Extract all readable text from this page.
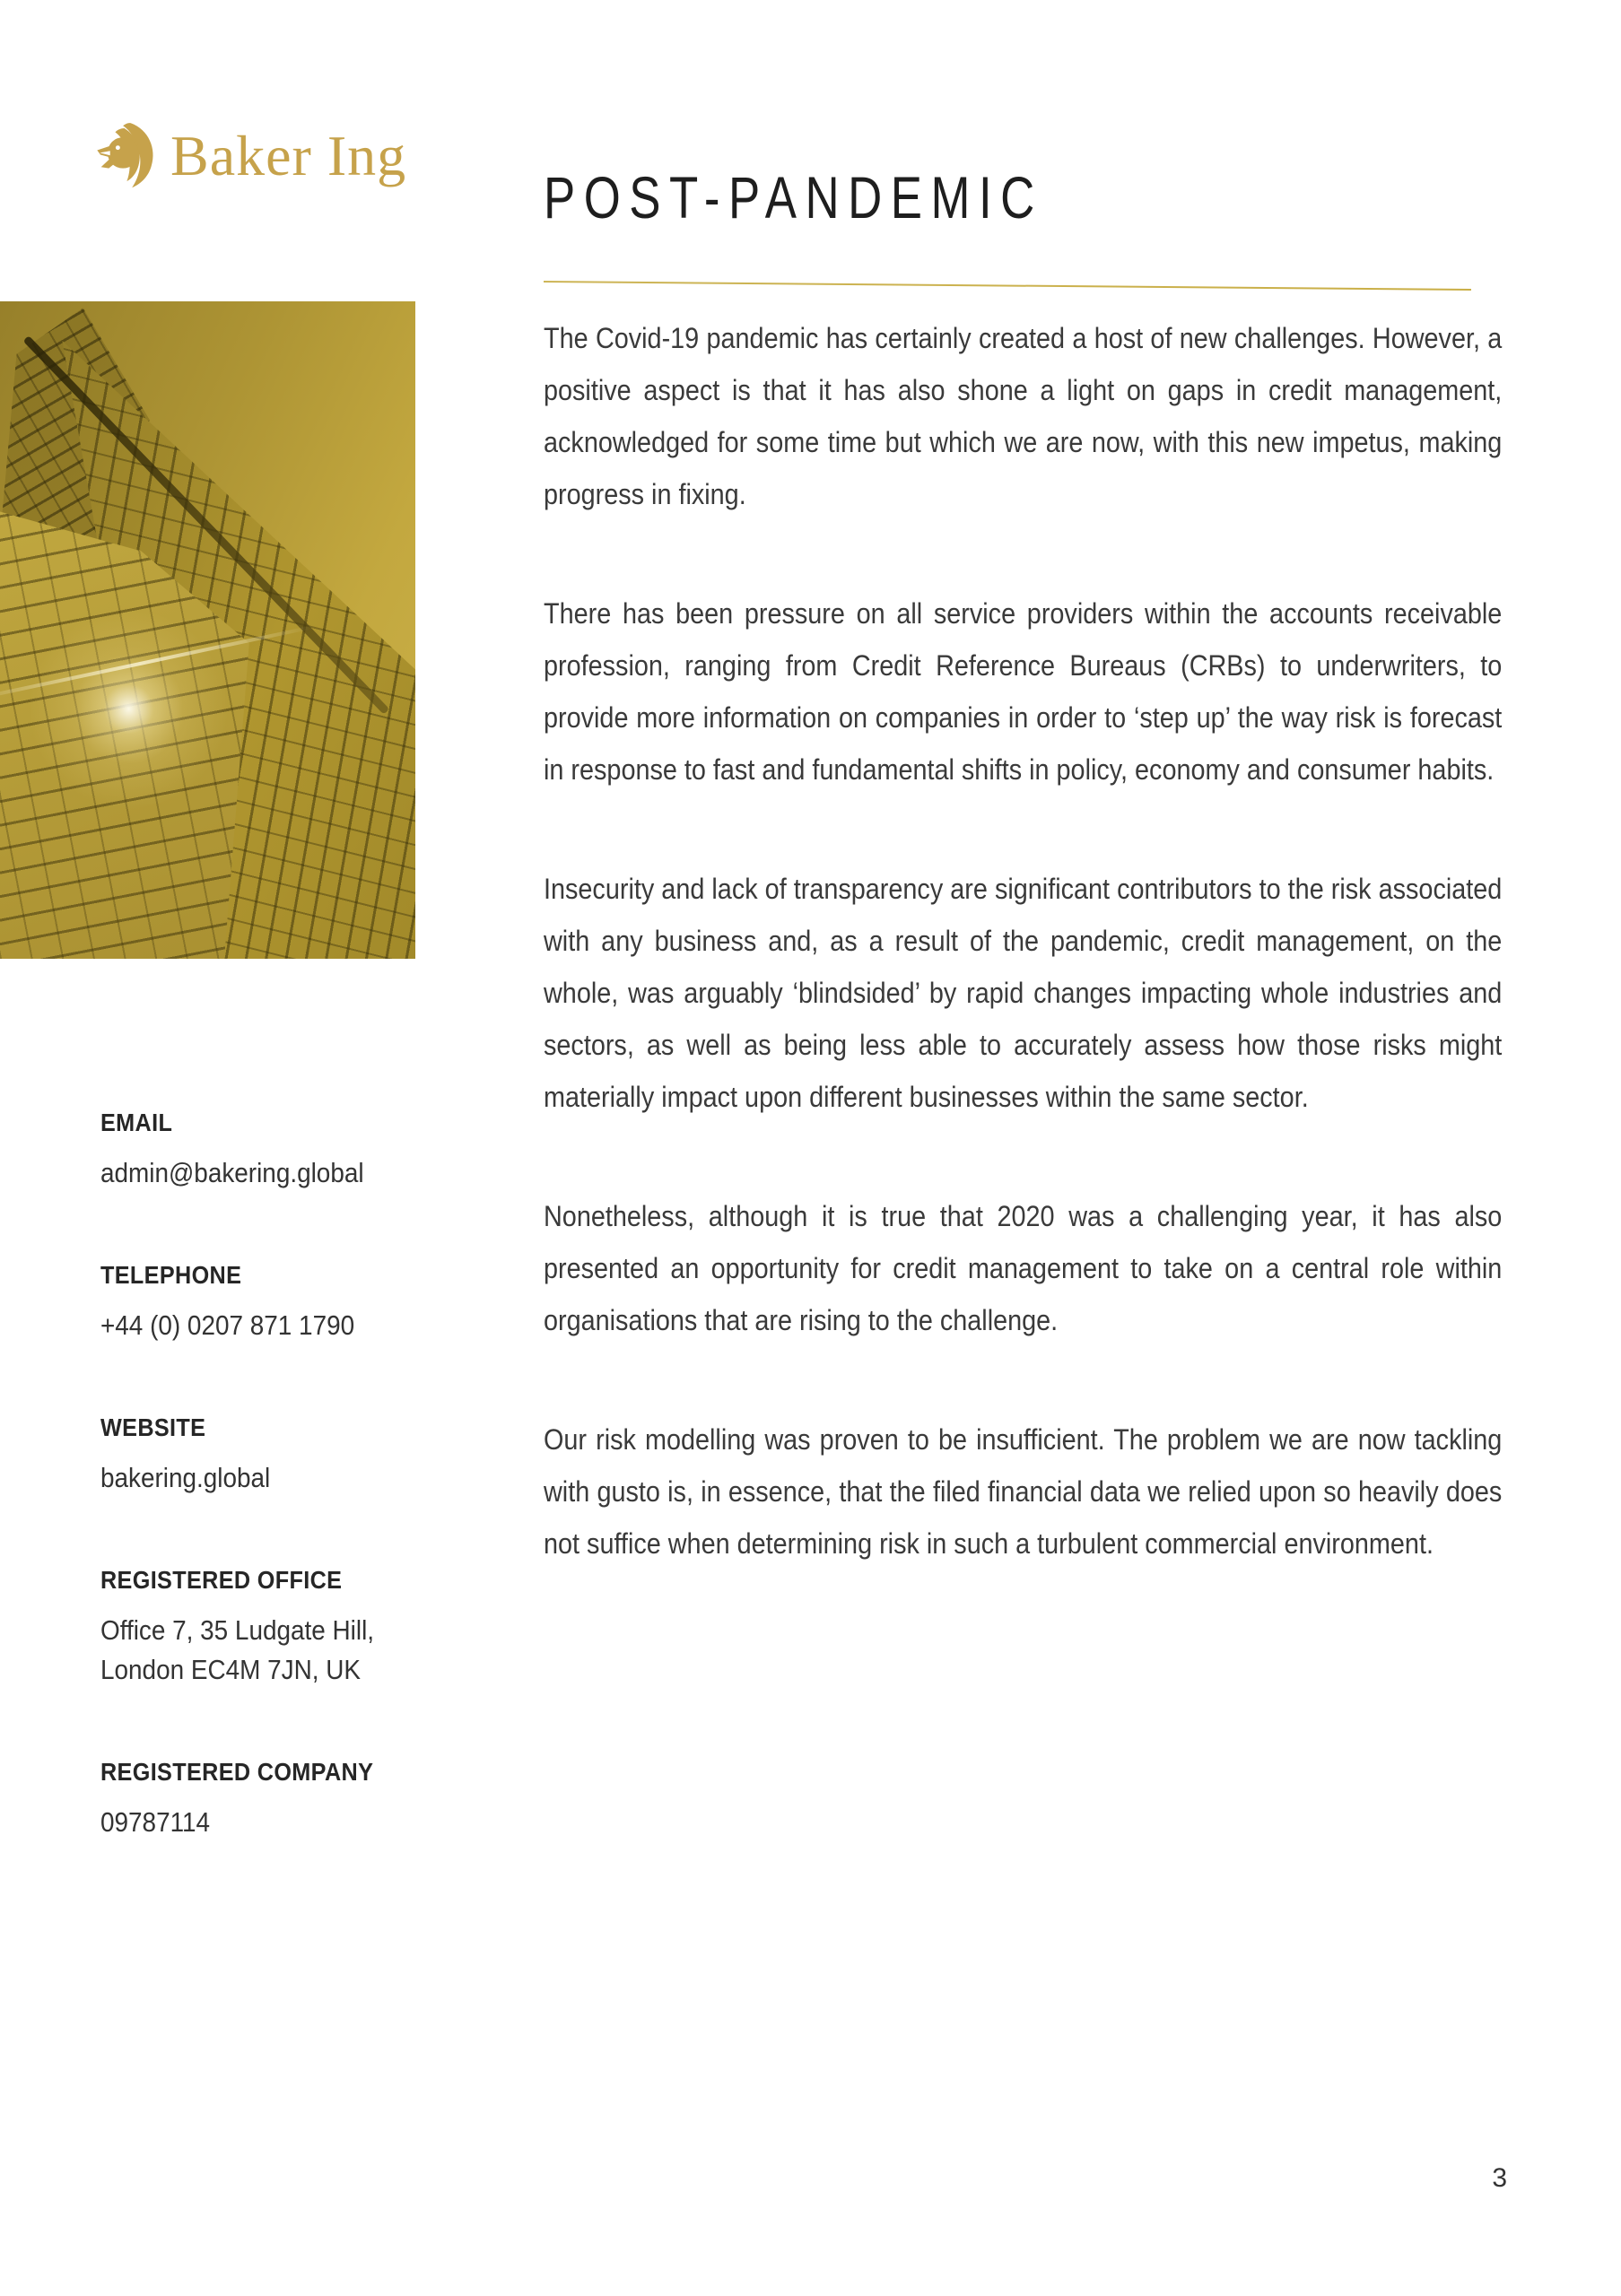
Baker Ing
POST-PANDEMIC
EMAIL
admin@bakering.global
TELEPHONE
+44 (0) 0207 871 1790
WEBSITE
bakering.global
REGISTERED OFFICE
Office 7, 35 Ludgate Hill,
London EC4M 7JN, UK
REGISTERED COMPANY
09787114

The Covid-19 pandemic has certainly created a host of new challenges. However, a positive aspect is that it has also shone a light on gaps in credit management, acknowledged for some time but which we are now, with this new impetus, making progress in fixing.

There has been pressure on all service providers within the accounts receivable profession, ranging from Credit Reference Bureaus (CRBs) to underwriters, to provide more information on companies in order to ‘step up’ the way risk is forecast in response to fast and fundamental shifts in policy, economy and consumer habits.

Insecurity and lack of transparency are significant contributors to the risk associated with any business and, as a result of the pandemic, credit management, on the whole, was arguably ‘blindsided’ by rapid changes impacting whole industries and sectors, as well as being less able to accurately assess how those risks might materially impact upon different businesses within the same sector.

Nonetheless, although it is true that 2020 was a challenging year, it has also presented an opportunity for credit management to take on a central role within organisations that are rising to the challenge.

Our risk modelling was proven to be insufficient. The problem we are now tackling with gusto is, in essence, that the filed financial data we relied upon so heavily does not suffice when determining risk in such a turbulent commercial environment.

3
